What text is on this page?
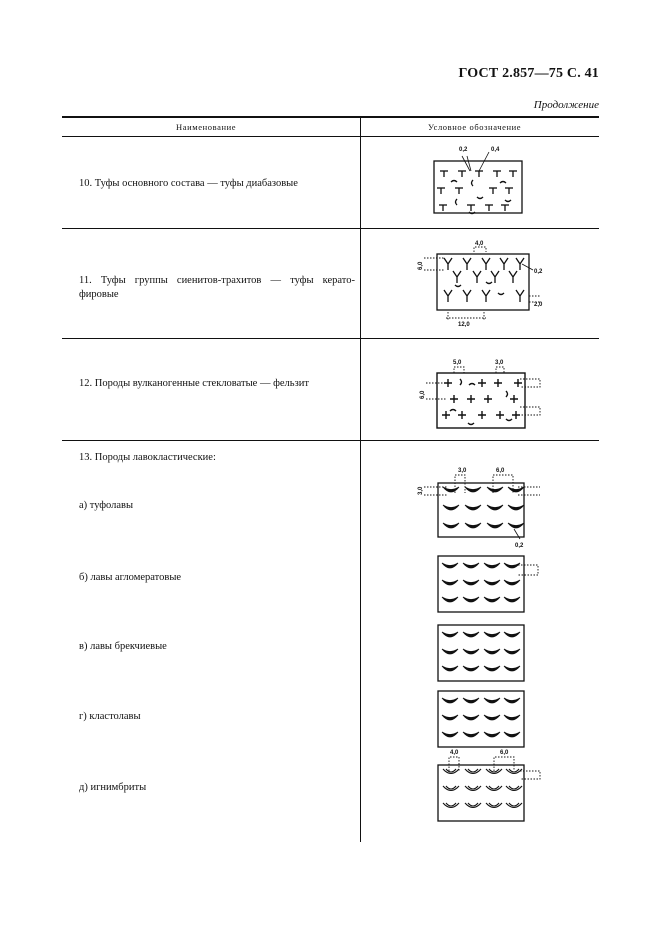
ГОСТ 2.857—75 С. 41
Продолжение
Наименование	Условное обозначение
10. Туфы основного состава — туфы диабазовые
0,2	0,4
11. Туфы группы сиенитов-трахитов — туфы керато-
фировые
4,0
6,0
0,2
2,0
12,0
12. Породы вулканогенные стекловатые — фельзит
5,0	3,0
6,0
13. Породы лавокластические:
а) туфолавы
3,0	6,0
3,0
0,2
б) лавы агломератовые
в) лавы брекчиевые
г) кластолавы
д) игнимбриты
4,0	6,0
